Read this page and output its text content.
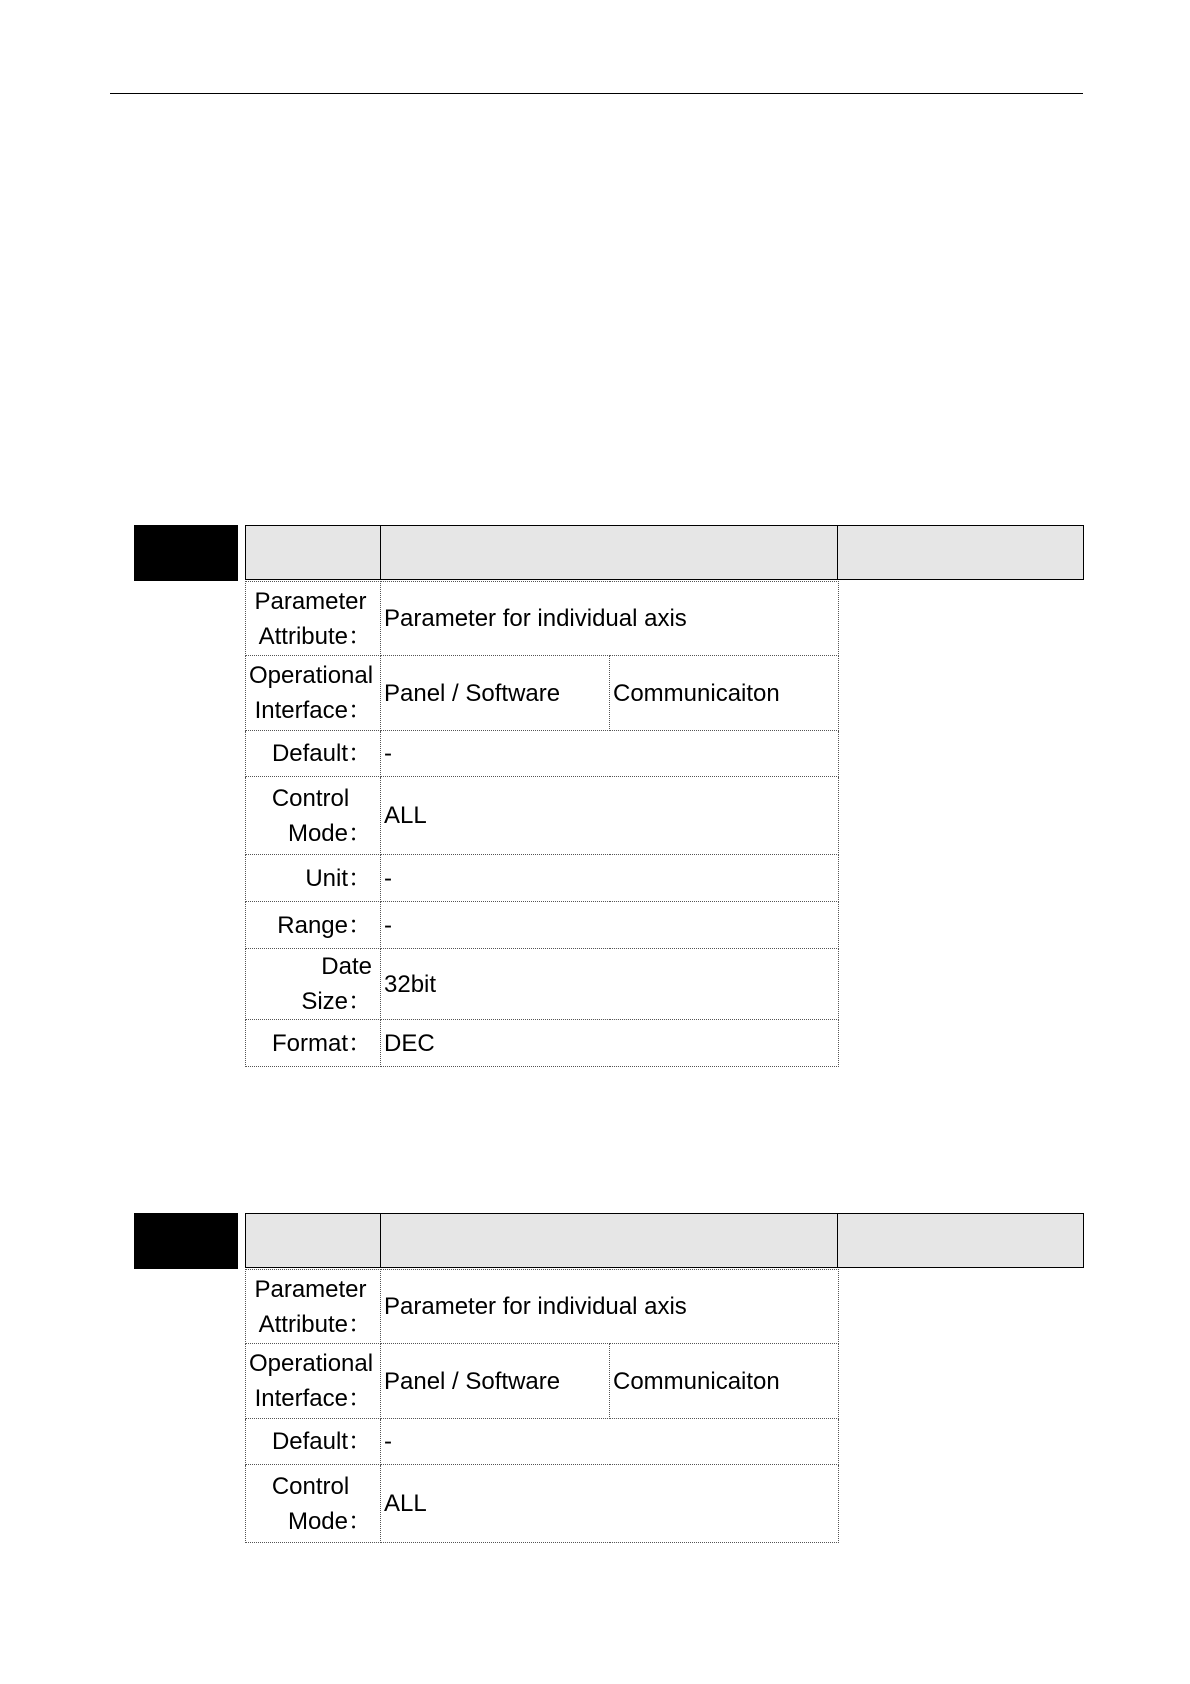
Parameter
Attribute：	Parameter for individual axis	

Operational
Interface：	Panel / Software	Communicaiton
Default：	-	

Control
Mode：	ALL	
Unit：	-	
Range：	-	
Date Size：	32bit	
Format：	DEC	
Parameter
Attribute：	Parameter for individual axis	

Operational
Interface：	Panel / Software	Communicaiton
Default：	-	

Control
Mode：	ALL	
